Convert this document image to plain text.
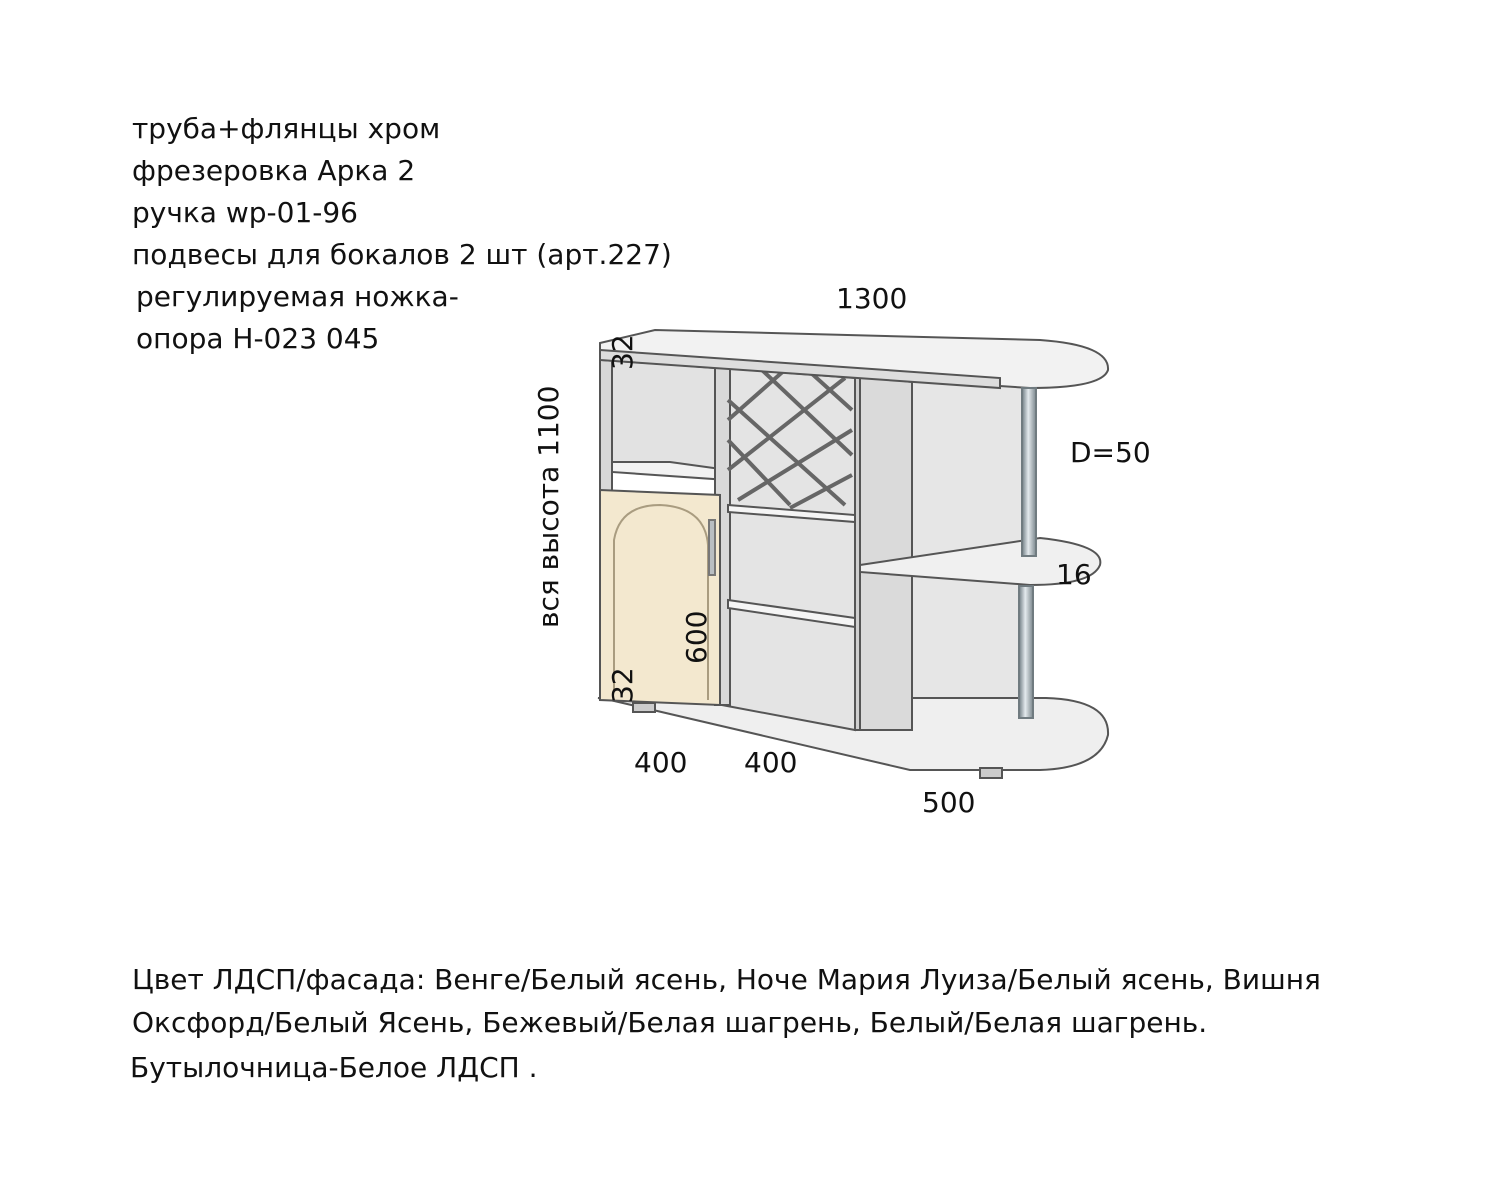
труба+флянцы хром
фрезеровка Арка 2
ручка wp-01-96
подвесы для бокалов 2 шт (арт.227)
регулируемая ножка-
опора Н-023 045
1300
вся высота 1100
32
32
600
D=50
16
400 400
500
Цвет ЛДСП/фасада: Венге/Белый ясень, Ноче Мария Луиза/Белый ясень, Вишня Оксфорд/Белый Ясень, Бежевый/Белая шагрень, Белый/Белая шагрень.
Бутылочница-Белое ЛДСП .
